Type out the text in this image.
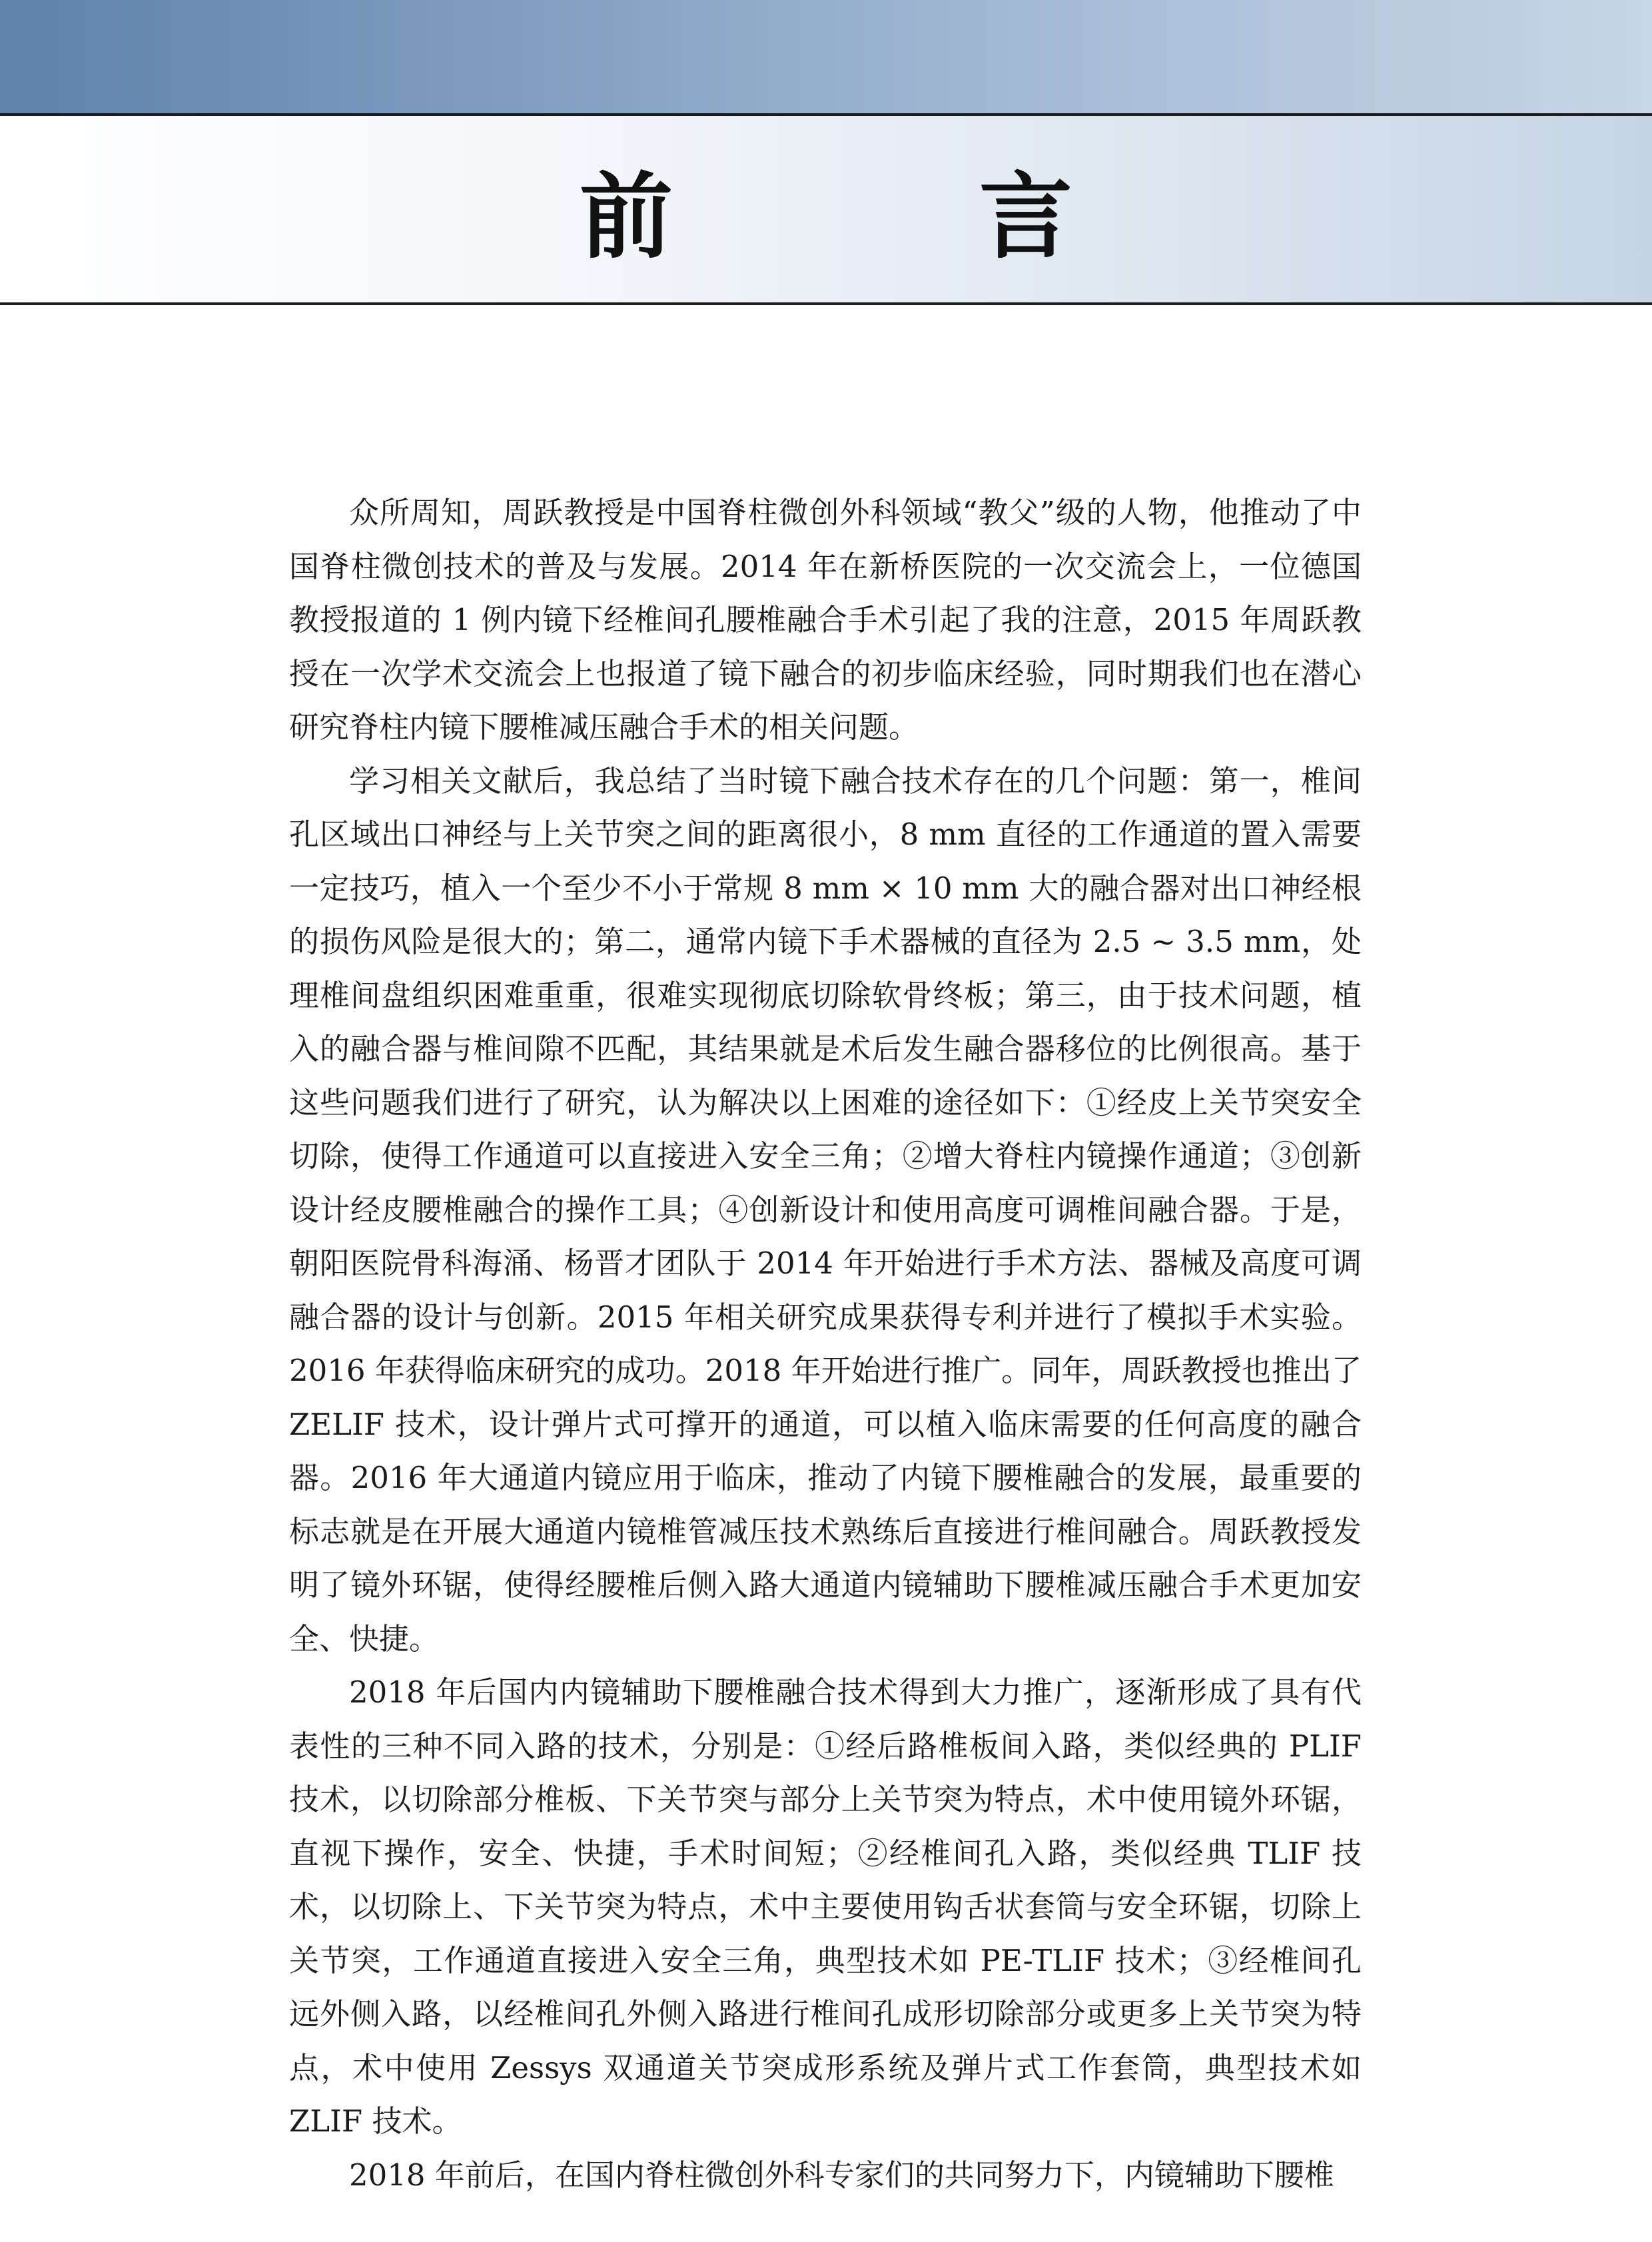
前　言

众所周知，周跃教授是中国脊柱微创外科领域“教父”级的人物，他推动了中国脊柱微创技术的普及与发展。2014 年在新桥医院的一次交流会上，一位德国教授报道的 1 例内镜下经椎间孔腰椎融合手术引起了我的注意，2015 年周跃教授在一次学术交流会上也报道了镜下融合的初步临床经验，同时期我们也在潜心研究脊柱内镜下腰椎减压融合手术的相关问题。

学习相关文献后，我总结了当时镜下融合技术存在的几个问题：第一，椎间孔区域出口神经与上关节突之间的距离很小，8 mm 直径的工作通道的置入需要一定技巧，植入一个至少不小于常规 8 mm × 10 mm 大的融合器对出口神经根的损伤风险是很大的；第二，通常内镜下手术器械的直径为 2.5 ~ 3.5 mm，处理椎间盘组织困难重重，很难实现彻底切除软骨终板；第三，由于技术问题，植入的融合器与椎间隙不匹配，其结果就是术后发生融合器移位的比例很高。基于这些问题我们进行了研究，认为解决以上困难的途径如下：①经皮上关节突安全切除，使得工作通道可以直接进入安全三角；②增大脊柱内镜操作通道；③创新设计经皮腰椎融合的操作工具；④创新设计和使用高度可调椎间融合器。于是，朝阳医院骨科海涌、杨晋才团队于 2014 年开始进行手术方法、器械及高度可调融合器的设计与创新。2015 年相关研究成果获得专利并进行了模拟手术实验。2016 年获得临床研究的成功。2018 年开始进行推广。同年，周跃教授也推出了 ZELIF 技术，设计弹片式可撑开的通道，可以植入临床需要的任何高度的融合器。2016 年大通道内镜应用于临床，推动了内镜下腰椎融合的发展，最重要的标志就是在开展大通道内镜椎管减压技术熟练后直接进行椎间融合。周跃教授发明了镜外环锯，使得经腰椎后侧入路大通道内镜辅助下腰椎减压融合手术更加安全、快捷。

2018 年后国内内镜辅助下腰椎融合技术得到大力推广，逐渐形成了具有代表性的三种不同入路的技术，分别是：①经后路椎板间入路，类似经典的 PLIF 技术，以切除部分椎板、下关节突与部分上关节突为特点，术中使用镜外环锯，直视下操作，安全、快捷，手术时间短；②经椎间孔入路，类似经典 TLIF 技术，以切除上、下关节突为特点，术中主要使用钩舌状套筒与安全环锯，切除上关节突，工作通道直接进入安全三角，典型技术如 PE-TLIF 技术；③经椎间孔远外侧入路，以经椎间孔外侧入路进行椎间孔成形切除部分或更多上关节突为特点，术中使用 Zessys 双通道关节突成形系统及弹片式工作套筒，典型技术如 ZLIF 技术。

2018 年前后，在国内脊柱微创外科专家们的共同努力下，内镜辅助下腰椎
